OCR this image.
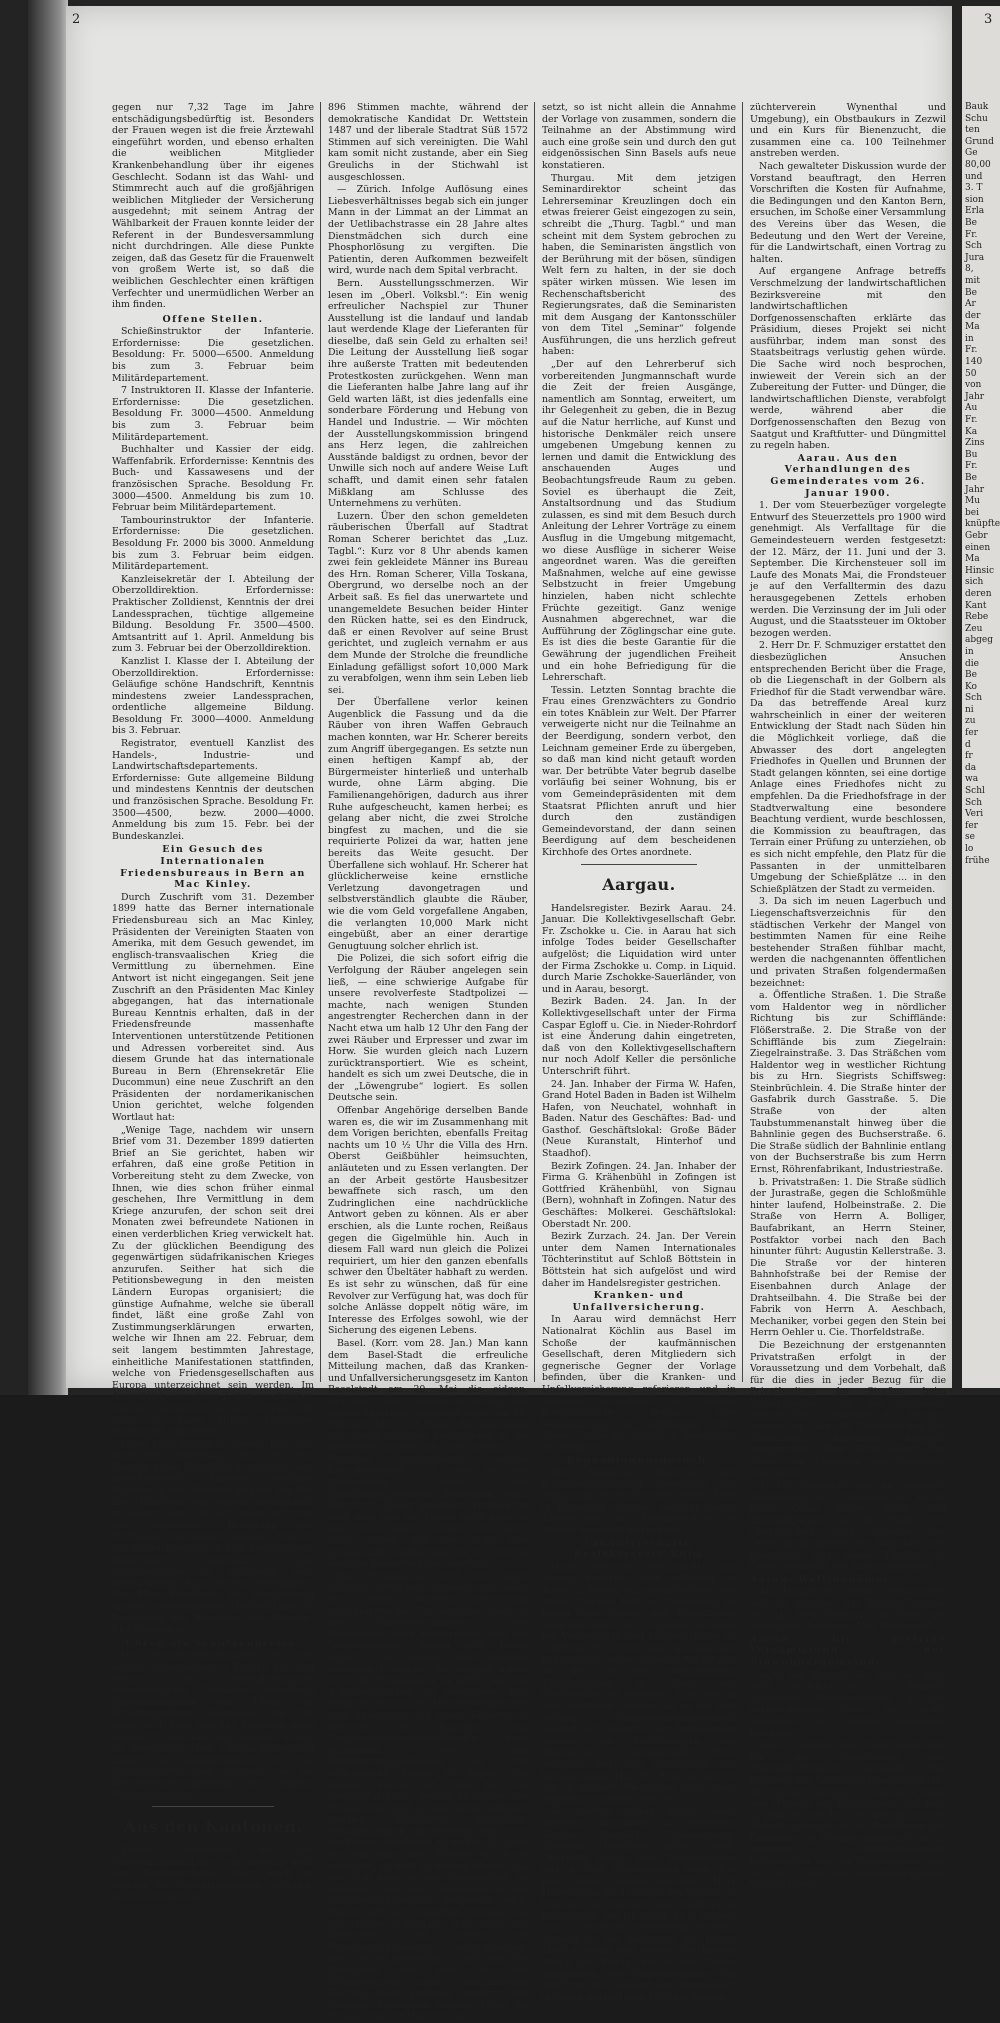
2

gegen nur 7,32 Tage im Jahre entschädigungsbedürftig ist. Besonders der Frauen wegen ist die freie Ärztewahl eingeführt worden, und ebenso erhalten die weiblichen Mitglieder Krankenbehandlung über ihr eigenes Geschlecht. Sodann ist das Wahl- und Stimmrecht auch auf die großjährigen weiblichen Mitglieder der Versicherung ausgedehnt; mit seinem Antrag der Wählbarkeit der Frauen konnte leider der Referent in der Bundesversammlung nicht durchdringen. Alle diese Punkte zeigen, daß das Gesetz für die Frauenwelt von großem Werte ist, so daß die weiblichen Geschlechter einen kräftigen Verfechter und unermüdlichen Werber an ihm finden.

Offene Stellen.

Schießinstruktor der Infanterie. Erfordernisse: Die gesetzlichen. Besoldung: Fr. 5000—6500. Anmeldung bis zum 3. Februar beim Militärdepartement.

7 Instruktoren II. Klasse der Infanterie. Erfordernisse: Die gesetzlichen. Besoldung Fr. 3000—4500. Anmeldung bis zum 3. Februar beim Militärdepartement.

Buchhalter und Kassier der eidg. Waffenfabrik. Erfordernisse: Kenntnis des Buch- und Kassawesens und der französischen Sprache. Besoldung Fr. 3000—4500. Anmeldung bis zum 10. Februar beim Militärdepartement.

Tambourinstruktor der Infanterie. Erfordernisse: Die gesetzlichen. Besoldung Fr. 2000 bis 3000. Anmeldung bis zum 3. Februar beim eidgen. Militärdepartement.

Kanzleisekretär der I. Abteilung der Oberzolldirektion. Erfordernisse: Praktischer Zolldienst, Kenntnis der drei Landessprachen, tüchtige allgemeine Bildung. Besoldung Fr. 3500—4500. Amtsantritt auf 1. April. Anmeldung bis zum 3. Februar bei der Oberzolldirektion.

Kanzlist I. Klasse der I. Abteilung der Oberzolldirektion. Erfordernisse: Geläufige schöne Handschrift, Kenntnis mindestens zweier Landessprachen, ordentliche allgemeine Bildung. Besoldung Fr. 3000—4000. Anmeldung bis 3. Februar.

Registrator, eventuell Kanzlist des Handels-, Industrie- und Landwirtschaftsdepartements. Erfordernisse: Gute allgemeine Bildung und mindestens Kenntnis der deutschen und französischen Sprache. Besoldung Fr. 3500—4500, bezw. 2000—4000. Anmeldung bis zum 15. Febr. bei der Bundeskanzlei.

Ein Gesuch des Internationalen Friedensbureaus in Bern an Mac Kinley.

Durch Zuschrift vom 31. Dezember 1899 hatte das Berner internationale Friedensbureau sich an Mac Kinley, Präsidenten der Vereinigten Staaten von Amerika, mit dem Gesuch gewendet, im englisch-transvaalischen Krieg die Vermittlung zu übernehmen. Eine Antwort ist nicht eingegangen. Seit jene Zuschrift an den Präsidenten Mac Kinley abgegangen, hat das internationale Bureau Kenntnis erhalten, daß in der Friedensfreunde massenhafte Interventionen unterstützende Petitionen und Adressen vorbereitet sind. Aus diesem Grunde hat das internationale Bureau in Bern (Ehrensekretär Elie Ducommun) eine neue Zuschrift an den Präsidenten der nordamerikanischen Union gerichtet, welche folgenden Wortlaut hat:

„Wenige Tage, nachdem wir unsern Brief vom 31. Dezember 1899 datierten Brief an Sie gerichtet, haben wir erfahren, daß eine große Petition in Vorbereitung steht zu dem Zwecke, von Ihnen, wie dies schon früher einmal geschehen, Ihre Vermittlung in dem Kriege anzurufen, der schon seit drei Monaten zwei befreundete Nationen in einen verderblichen Krieg verwickelt hat. Zu der glücklichen Beendigung des gegenwärtigen südafrikanischen Krieges anzurufen. Seither hat sich die Petitionsbewegung in den meisten Ländern Europas organisiert; die günstige Aufnahme, welche sie überall findet, läßt eine große Zahl von Zustimmungserklärungen erwarten, welche wir Ihnen am 22. Februar, dem seit langem bestimmten Jahrestage, einheitliche Manifestationen stattfinden, welche von Friedensgesellschaften aus Europa unterzeichnet sein werden. Im Augenblicke, wo diese Zeilen geschrieben werden, haben mehr als 422 Gruppen mit mehr als einer Million Mitglieder umfassend, organisiert.

Diese Tage erlangt in diesem Jahr eine besondere Bedeutung, daß es zum Zwecke einer Vermittlung zwischen den kriegführenden Parteien geeignet Schritte zu tun. Hiervon glauben wir Sie, Herr Präsident, zum voraus unterrichten zu sollen, damit Sie sich schon jetzt von der allgemeinen Bewegung des Vertrauens überzeugen können, welches die Völker Europa's in Ihre hochherzigen Intentionen angesichts der gegenwärtigen die zivilisierte Welt bedrückenden Krisis setzen. Genehmigen Sie, Herr Präsident, die Versicherung unserer vollkommenen Hochachtung. In Vertretung des Komitees des Bureaus: Elie Ducommun.

Uhren als Schützenpreise.

Das Organisationskomitee für das eidgen. Schützenfest in Luzern hat dem Gesuch des Zentralverbandes schweizerischer Uhrmacher betreffend Nichtverwendung von Uhren zu Schützenprämien abgewiesen. Die Uhr wäre als Prämie von den Schützen gang geschätzt und wäre ein besserer Ersatz zu bezeichnen. Der Uhrmacherverband bringt die Angelegenheit vor das Zentralkomitee und eventuell vor die Delegiertenversammlung des eidgen. Schützenvereins.

Aus den Kantonen.

Zürich. Gleichzeitig mit der Nationalratswahl fand am Sonntag auch eine Kantonsratswahl statt. Auch sie brachte die Sozialdemokraten zahlreich, indem Greulich nur

896 Stimmen machte, während der demokratische Kandidat Dr. Wettstein 1487 und der liberale Stadtrat Süß 1572 Stimmen auf sich vereinigten. Die Wahl kam somit nicht zustande, aber ein Sieg Greulichs in der Stichwahl ist ausgeschlossen.

— Zürich. Infolge Auflösung eines Liebesverhältnisses begab sich ein junger Mann in der Limmat an der Limmat an der Uetlibachstrasse ein 28 Jahre altes Dienstmädchen sich durch eine Phosphorlösung zu vergiften. Die Patientin, deren Aufkommen bezweifelt wird, wurde nach dem Spital verbracht.

Bern. Ausstellungsschmerzen. Wir lesen im „Oberl. Volksbl.“: Ein wenig erfreulicher Nachspiel zur Thuner Ausstellung ist die landauf und landab laut werdende Klage der Lieferanten für dieselbe, daß sein Geld zu erhalten sei! Die Leitung der Ausstellung ließ sogar ihre außerste Tratten mit bedeutenden Protestkosten zurückgehen. Wenn man die Lieferanten halbe Jahre lang auf ihr Geld warten läßt, ist dies jedenfalls eine sonderbare Förderung und Hebung von Handel und Industrie. — Wir möchten der Ausstellungskommission bringend ans Herz legen, die zahlreichen Ausstände baldigst zu ordnen, bevor der Unwille sich noch auf andere Weise Luft schafft, und damit einen sehr fatalen Mißklang am Schlusse des Unternehmens zu verhüten.

Luzern. Über den schon gemeldeten räuberischen Überfall auf Stadtrat Roman Scherer berichtet das „Luz. Tagbl.“: Kurz vor 8 Uhr abends kamen zwei fein gekleidete Männer ins Bureau des Hrn. Roman Scherer, Villa Toskana, Obergrund, wo derselbe noch an der Arbeit saß. Es fiel das unerwartete und unangemeldete Besuchen beider Hinter den Rücken hatte, sei es den Eindruck, daß er einen Revolver auf seine Brust gerichtet, und zugleich vernahm er aus dem Munde der Strolche die freundliche Einladung gefälligst sofort 10,000 Mark zu verabfolgen, wenn ihm sein Leben lieb sei.

Der Überfallene verlor keinen Augenblick die Fassung und da die Räuber von ihren Waffen Gebrauch machen konnten, war Hr. Scherer bereits zum Angriff übergegangen. Es setzte nun einen heftigen Kampf ab, der Bürgermeister hinterließ und unterhalb wurde, ohne Lärm abging. Die Familienangehörigen, dadurch aus ihrer Ruhe aufgescheucht, kamen herbei; es gelang aber nicht, die zwei Strolche bingfest zu machen, und die sie requirierte Polizei da war, hatten jene bereits das Weite gesucht. Der Überfallene sich wohlauf. Hr. Scherer hat glücklicherweise keine ernstliche Verletzung davongetragen und selbstverständlich glaubte die Räuber, wie die vom Geld vorgefallene Angaben, die verlangten 10,000 Mark nicht eingebüßt, aber an einer derartige Genugtuung solcher ehrlich ist.

Die Polizei, die sich sofort eifrig die Verfolgung der Räuber angelegen sein ließ, — eine schwierige Aufgabe für unsere revolverfeste Stadtpolizei — machte, nach wenigen Stunden angestrengter Recherchen dann in der Nacht etwa um halb 12 Uhr den Fang der zwei Räuber und Erpresser und zwar im Horw. Sie wurden gleich nach Luzern zurücktransportiert. Wie es scheint, handelt es sich um zwei Deutsche, die in der „Löwengrube“ logiert. Es sollen Deutsche sein.

Offenbar Angehörige derselben Bande waren es, die wir im Zusammenhang mit dem Vorigen berichten, ebenfalls Freitag nachts um 10 ½ Uhr die Villa des Hrn. Oberst Geißbühler heimsuchten, anläuteten und zu Essen verlangten. Der an der Arbeit gestörte Hausbesitzer bewaffnete sich rasch, um den Zudringlichen eine nachdrückliche Antwort geben zu können. Als er aber erschien, als die Lunte rochen, Reißaus gegen die Gigelmühle hin. Auch in diesem Fall ward nun gleich die Polizei requiriert, um hier den ganzen ebenfalls schwer den Übeltäter habhaft zu werden. Es ist sehr zu wünschen, daß für eine Revolver zur Verfügung hat, was doch für solche Anlässe doppelt nötig wäre, im Interesse des Erfolges sowohl, wie der Sicherung des eigenen Lebens.

Basel. (Korr. vom 28. Jan.) Man kann dem Basel-Stadt die erfreuliche Mitteilung machen, daß das Kranken- und Unfallversicherungsgesetz im Kanton Baselstadt am 20. Mai die eidgen. Kranken- und Unfallversicherung mit großer Mehrheit annehmen wird. Am 26. Oktober 1890 hat Basel die Aufnahme der grundsätzlichen Bestimmung in die Bundesverfassung mit 6198 gegen 673 Stimmen angenommen, welche Entschiedenheit sich auch bei der Abstimmung über die Versicherungsgesetze bestätigen wird. Wer trotz dieser günstigen Perspektive wird man hier die Hände doch nicht in den Schoß legen, sondern erst recht dafür sorgen, daß dem Volke eine umfassende Aufklärung zu teil werde über die Bedeutung des Gesetzes.

Die Propaganda wird hier nicht politisch betrieben, sondern von allen drei großen Parteien gemeinsam gefördert werden. Die Vertreter Basels in der Bundesversammlung, zwei Freisinnige, zwei Konservative und ein Sozialdemokrat, haben sich bereit erklärt, an einem Zentralkomitee konstituiert, welches die Aufgabe haben wird, die Propaganda zu leiten, und die Aufklärungsarbeit zu bewältigen. Das politisch gemischte Deputiertenkomitee wird unterstützt von einem Komitee, in welchem der Kranken- und Unfallversicherungsverständen noch organisiert, um den Versicherungsgedanken in die entlegensten Kreise zu tragen. Die liberale Presse ist tätig für die Neutralität außer Zweifel zu setzen. Die Propaganda wird so eine große Aufgabe machen, Flugblätter verbreiten, Versammlungen einzuberufen und durch die Presse aufklärend zu wirken. Ist doch die Annahme der Vorlage in Basel gesichert, so muß es diesem Werke, daß das Volk nicht in der Unwissenheit zu belassen und den Widersachern der Versicherungsgesetze ausgesetzt wird. Hierzu darf noch beigefügt werden, daß das „Basler Volksblatt“, das Organ der Katholiken, sich gegen die Versicherungsgesetze ausgesprochen, allein es ist anzunehmen, daß nicht die Katholiken sich nicht an alle Ultramontanen einer zustimmenden Haltung nicht genügen, sondern den Gesetzen zustimmen werden. Wenn die Propaganda mit Umsicht ein-

setzt, so ist nicht allein die Annahme der Vorlage von zusammen, sondern die Teilnahme an der Abstimmung wird auch eine große sein und durch den gut eidgenössischen Sinn Basels aufs neue konstatieren.

Thurgau. Mit dem jetzigen Seminardirektor scheint das Lehrerseminar Kreuzlingen doch ein etwas freierer Geist eingezogen zu sein, schreibt die „Thurg. Tagbl.“ und man scheint mit dem System gebrochen zu haben, die Seminaristen ängstlich von der Berührung mit der bösen, sündigen Welt fern zu halten, in der sie doch später wirken müssen. Wie lesen im Rechenschaftsbericht des Regierungsrates, daß die Seminaristen mit dem Ausgang der Kantonsschüler von dem Titel „Seminar“ folgende Ausführungen, die uns herzlich gefreut haben:

„Der auf den Lehrerberuf sich vorbereitenden Jungmannschaft wurde die Zeit der freien Ausgänge, namentlich am Sonntag, erweitert, um ihr Gelegenheit zu geben, die in Bezug auf die Natur herrliche, auf Kunst und historische Denkmäler reich unsere umgebenen Umgebung kennen zu lernen und damit die Entwicklung des anschauenden Auges und Beobachtungsfreude Raum zu geben. Soviel es überhaupt die Zeit, Anstaltsordnung und das Studium zulassen, es sind mit dem Besuch durch Anleitung der Lehrer Vorträge zu einem Ausflug in die Umgebung mitgemacht, wo diese Ausflüge in sicherer Weise angeordnet waren. Was die gereiften Maßnahmen, welche auf eine gewisse Selbstzucht in freier Umgebung hinzielen, haben nicht schlechte Früchte gezeitigt. Ganz wenige Ausnahmen abgerechnet, war die Aufführung der Zöglingschar eine gute. Es ist dies die beste Garantie für die Gewährung der jugendlichen Freiheit und ein hohe Befriedigung für die Lehrerschaft.

Tessin. Letzten Sonntag brachte die Frau eines Grenzwächters zu Gondrio ein totes Knäblein zur Welt. Der Pfarrer verweigerte nicht nur die Teilnahme an der Beerdigung, sondern verbot, den Leichnam gemeiner Erde zu übergeben, so daß man kind nicht getauft worden war. Der betrübte Vater begrub daselbe vorläufig bei seiner Wohnung, bis er vom Gemeindepräsidenten mit dem Staatsrat Pflichten anruft und hier durch den zuständigen Gemeindevorstand, der dann seinen Beerdigung auf dem bescheidenen Kirchhofe des Ortes anordnete.

Aargau.

Handelsregister. Bezirk Aarau. 24. Januar. Die Kollektivgesellschaft Gebr. Fr. Zschokke u. Cie. in Aarau hat sich infolge Todes beider Gesellschafter aufgelöst; die Liquidation wird unter der Firma Zschokke u. Comp. in Liquid. durch Marie Zschokke-Sauerländer, von und in Aarau, besorgt.

Bezirk Baden. 24. Jan. In der Kollektivgesellschaft unter der Firma Caspar Egloff u. Cie. in Nieder-Rohrdorf ist eine Änderung dahin eingetreten, daß von den Kollektivgesellschaftern nur noch Adolf Keller die persönliche Unterschrift führt.

24. Jan. Inhaber der Firma W. Hafen, Grand Hotel Baden in Baden ist Wilhelm Hafen, von Neuchatel, wohnhaft in Baden. Natur des Geschäftes: Bad- und Gasthof. Geschäftslokal: Große Bäder (Neue Kuranstalt, Hinterhof und Staadhof).

Bezirk Zofingen. 24. Jan. Inhaber der Firma G. Krähenbühl in Zofingen ist Gottfried Krähenbühl, von Signau (Bern), wohnhaft in Zofingen. Natur des Geschäftes: Molkerei. Geschäftslokal: Oberstadt Nr. 200.

Bezirk Zurzach. 24. Jan. Der Verein unter dem Namen Internationales Töchterinstitut auf Schloß Böttstein in Böttstein hat sich aufgelöst und wird daher im Handelsregister gestrichen.

Kranken- und Unfallversicherung.

In Aarau wird demnächst Herr Nationalrat Köchlin aus Basel im Schoße der kaufmännischen Gesellschaft, deren Mitgliedern sich gegnerische Gegner der Vorlage befinden, über die Kranken- und Unfallversicherung referieren und in Zofingen veranstaltet der dortige Kaufmännische Verein eine Versammlung zur Aufklärung, Hrn. Robert Seidel aus Zürich als Referenten zu gewinnen.

Begnadigungsgesuch.

Der Bundesrat beantragt der Bundesversammlung Abweisung des Begnadigungsgesuches des Malers Fritz in Birrenlauf (Aargau), welcher wegen Übertretung des Fabrikgesetzes zu Bussen verurteilt worden ist.

Landwirtschaftl. Bezirksverein Kulm

(Korr.) Derselbe versammelte sich letzten Sonntag recht zahlreich im Bären in Zezwil, um einem Vortrage des Herrn Tierarzt Kull aus Unterkulm zu hören über Unfälle und Krankheiten beim Rindvieh und sich gegen Verlusten bei Viehseuchen und Unglücksfällen zu schützen. Er ist bei dem sporadischen Krankheiten unter unserm Viehstand, bei den auf den vorkommenden Unglücksfällen im Stalle des Viehbesitzer zu begegnen und und in weit größerem Umfang, als es mit dem jetzigen Viehversicherungsgesetz möglich ist. Namens der Anwesenden wurden die Ausführungen des Referenten in gebührender Weise verdankt und dem Präsidenten der Versammlung, Hrn. Dr. Erni hin konnte die so erfreute Diskussion nicht mehr ergiebig ausgenutzt werden.

Im weitern wurde behufs einer weiteren Amtsdauer aus folgenden Herren bestellt: Zimmermann, Präsident; Burgherr Aktuar; Spek, Oberkulm (neu); Vogt, Bezirksrichter und A. Frei, Gontenschwil (neu). Ein paar kurze Worten berichtet Herr Hintermann die Tätigkeit des Vereins im Vorjahre, in welchem ein Obstkurs in Dürrenäsch, ein Obstbaukurs in Seinwil und 3 Vorträge abgehalten wurden. Sodann ist der Rechnung des Jahres 1899 erstattet und werden die Herren Drack aus Brugg, hat in den Verein eingetreten die Jahresrechnung für 1899 aus den Gebieten der Bienenzucht in Oberkulm im Jahre 1900 ein Bienen-

züchterverein Wynenthal und Umgebung), ein Obstbaukurs in Zezwil und ein Kurs für Bienenzucht, die zusammen eine ca. 100 Teilnehmer anstreben werden.

Nach gewalteter Diskussion wurde der Vorstand beauftragt, den Herren Vorschriften die Kosten für Aufnahme, die Bedingungen und den Kanton Bern, ersuchen, im Schoße einer Versammlung des Vereins über das Wesen, die Bedeutung und den Wert der Vereine, für die Landwirtschaft, einen Vortrag zu halten.

Auf ergangene Anfrage betreffs Verschmelzung der landwirtschaftlichen Bezirksvereine mit den landwirtschaftlichen Dorfgenossenschaften erklärte das Präsidium, dieses Projekt sei nicht ausführbar, indem man sonst des Staatsbeitrags verlustig gehen würde. Die Sache wird noch besprochen, inwieweit der Verein sich an der Zubereitung der Futter- und Dünger, die landwirtschaftlichen Dienste, verabfolgt werde, während aber die Dorfgenossenschaften den Bezug von Saatgut und Kraftfutter- und Düngmittel zu regeln haben.

Aarau. Aus den Verhandlungen des Gemeinderates vom 26. Januar 1900.

1. Der vom Steuerbezüger vorgelegte Entwurf des Steuerzettels pro 1900 wird genehmigt. Als Verfalltage für die Gemeindesteuern werden festgesetzt: der 12. März, der 11. Juni und der 3. September. Die Kirchensteuer soll im Laufe des Monats Mai, die Frondsteuer je auf den Verfalltermin des dazu herausgegebenen Zettels erhoben werden. Die Verzinsung der im Juli oder August, und die Staatssteuer im Oktober bezogen werden.

2. Herr Dr. F. Schmuziger erstattet den diesbezüglichen Ansuchen entsprechenden Bericht über die Frage, ob die Liegenschaft in der Golbern als Friedhof für die Stadt verwendbar wäre. Da das betreffende Areal kurz wahrscheinlich in einer der weiteren Entwicklung der Stadt nach Süden hin die Möglichkeit vorliege, daß die Abwasser des dort angelegten Friedhofes in Quellen und Brunnen der Stadt gelangen könnten, sei eine dortige Anlage eines Friedhofes nicht zu empfehlen. Da die Friedhofsfrage in der Stadtverwaltung eine besondere Beachtung verdient, wurde beschlossen, die Kommission zu beauftragen, das Terrain einer Prüfung zu unterziehen, ob es sich nicht empfehle, den Platz für die Passanten in der unmittelbaren Umgebung der Schießplätze ... in den Schießplätzen der Stadt zu vermeiden.

3. Da sich im neuen Lagerbuch und Liegenschaftsverzeichnis für den städtischen Verkehr der Mangel von bestimmten Namen für eine Reihe bestehender Straßen fühlbar macht, werden die nachgenannten öffentlichen und privaten Straßen folgendermaßen bezeichnet:

a. Öffentliche Straßen. 1. Die Straße vom Haldentor weg in nördlicher Richtung bis zur Schifflände: Flößerstraße. 2. Die Straße von der Schifflände bis zum Ziegelrain: Ziegelrainstraße. 3. Das Sträßchen vom Haldentor weg in westlicher Richtung bis zu Hrn. Siegrists Schiffsweg: Steinbrüchlein. 4. Die Straße hinter der Gasfabrik durch Gasstraße. 5. Die Straße von der alten Taubstummenanstalt hinweg über die Bahnlinie gegen des Buchserstraße. 6. Die Straße südlich der Bahnlinie entlang von der Buchserstraße bis zum Herrn Ernst, Röhrenfabrikant, Industriestraße.

b. Privatstraßen: 1. Die Straße südlich der Jurastraße, gegen die Schloßmühle hinter laufend, Holbeinstraße. 2. Die Straße von Herrn A. Bolliger, Baufabrikant, an Herrn Steiner, Postfaktor vorbei nach den Bach hinunter führt: Augustin Kellerstraße. 3. Die Straße vor der hinteren Bahnhofstraße bei der Remise der Eisenbahnen durch Anlage der Drahtseilbahn. 4. Die Straße bei der Fabrik von Herrn A. Aeschbach, Mechaniker, vorbei gegen den Stein bei Herrn Oehler u. Cie. Thorfeldstraße.

Die Bezeichnung der erstgenannten Privatstraßen erfolgt in der Voraussetzung und dem Vorbehalt, daß für die dies in jeder Bezug für die Privatbesitzer der Straßen beim Einverständnis mit der Gemeinde erfolgt. Die Eigentümer der Straßen können im Falle der Verweigerung der Zustimmung hinwirken dagegen einsprechen. Eine Veränderung der Straße im Eigentum der Gemeinde übergehen.

4. Mit Rücksicht auf die gewährte Bewilligung zur Entfernung des Herrn Julius Oskar Vogler, Stadt- und Friedhofgärtner in die Stelle von Oberrohrdorf, wird derselbe, der Ortsbürgergemeinde die Aufnahme des Genannten und seiner Familie ins Ortsbürgerrecht von Aarau empfohlen.

Aarau. Weltidenkmal.

Am Donnerstag Abend versammelte sich im „Ochsen“ das Initiativ-Comitee für das Welti-Denkmal zur Wahl des definitiven Comitees. (Viel Umstände!)

Aarau. Die gestrige Versammlung der Einwohnergemeinde

legte ein Zeugnis ab, daß sie noch viele, vielleicht bis 2½ Stunden dauernden Versammlungen in der Verhandlungen über die große Anzeichen von Unruhe bemerkbar machten.

Zuerst wurden die Nachtragskredite für die Erweiterung des Elektrizitätswerkes bewilligt. Der Referent der Rechnungskommission, Hr. Dr. Stocker, betonte in längerer Rede den Wunsch der Kommission, daß man in Zukunft sich bei der Aufstellung des Budgets genauer an die Beschlüsse der Gemeinde, im Zusammenhang mit der in unserem Gemeindehaushalt festzustellen und die Gemeinderat aber auf die Grund der gemeinderätlichen Voranschläge ...

3
Bauk
Schu
ten
Grund
Ge
80,00
und
3. T
sion
Erla
Be
Fr.
Sch
Jura
8,
mit
Be
Ar
der
Ma
in
Fr.
140
50
von
Jahr
Au
Fr.
Ka
Zins
Bu
Fr.
Be
Jahr
Mu
bei
knüpfte
Gebr
einen
Ma
Hinsic
sich
deren
Kant
Rebe
Zeu
abgeg
in
die
Be
Ko
Sch
ni
zu
fer
d
fr
da
wa
Schl
Sch
Veri
fer
se
lo
frühe
